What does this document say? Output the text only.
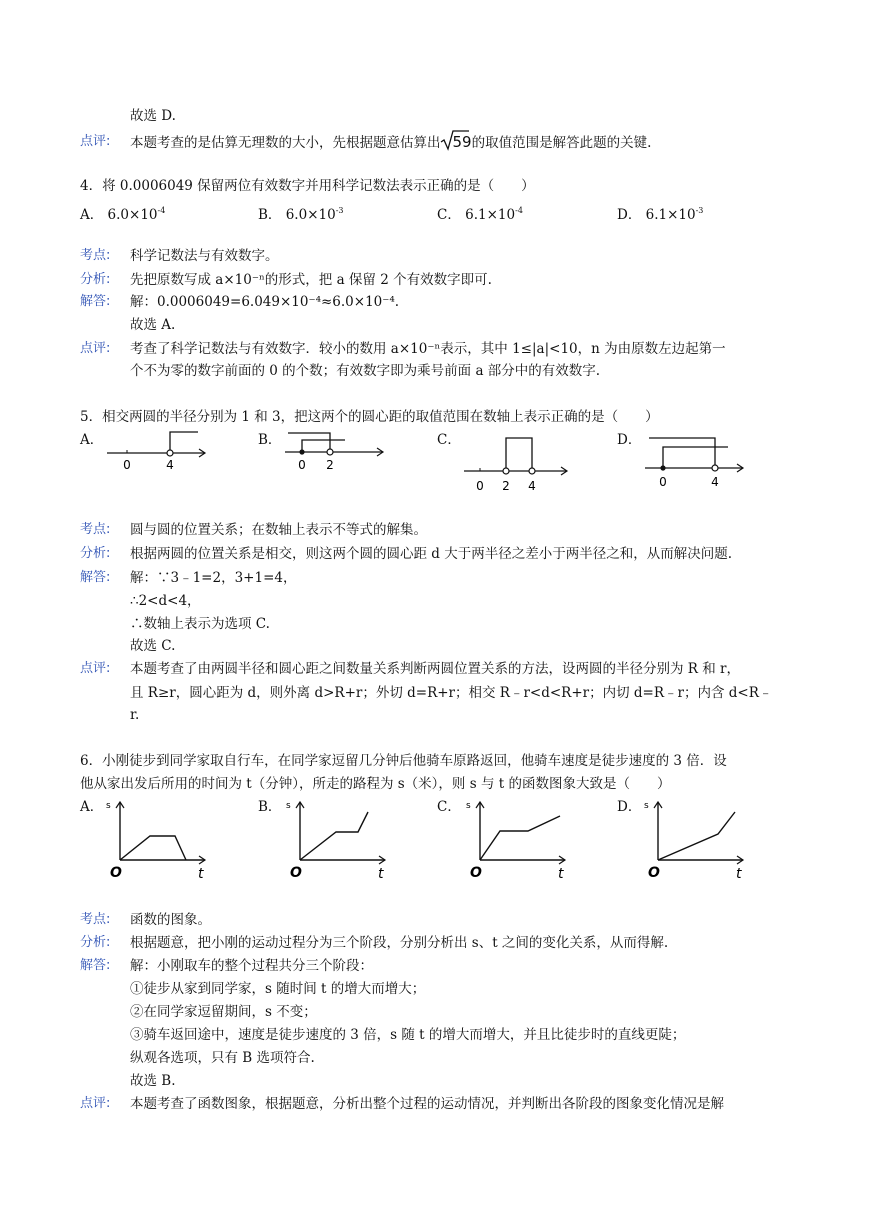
故选 D.
点评: 本题考查的是估算无理数的大小，先根据题意估算出 59的取值范围是解答此题的关键.
4．将 0.0006049 保留两位有效数字并用科学记数法表示正确的是（　　）
A． $6.0\times 10^{-4}$	B． $6.0\times 10^{-3}$	C． $6.1\times 10^{-4}$	D． $6.1\times 10^{-3}$
考点: 科学记数法与有效数字。
分析: 先把原数写成 a×10⁻ⁿ的形式，把 a 保留 2 个有效数字即可.
解答: 解：0.0006049=6.049×10⁻⁴≈6.0×10⁻⁴.
故选 A.
点评: 考查了科学记数法与有效数字．较小的数用 a×10⁻ⁿ表示，其中 1≤|a|<10，n 为由原数左边起第一
个不为零的数字前面的 0 的个数；有效数字即为乘号前面 a 部分中的有效数字.
5．相交两圆的半径分别为 1 和 3，把这两个的圆心距的取值范围在数轴上表示正确的是（　　）
A．	B．	C．	D．
0	4	0 2
0 2 4	0	4
考点: 圆与圆的位置关系；在数轴上表示不等式的解集。
分析: 根据两圆的位置关系是相交，则这两个圆的圆心距 d 大于两半径之差小于两半径之和，从而解决问题.
解答: 解：∵3﹣1=2，3+1=4，
∴2<d<4，
∴数轴上表示为选项 C.
故选 C.
点评: 本题考查了由两圆半径和圆心距之间数量关系判断两圆位置关系的方法，设两圆的半径分别为 R 和 r，
且 R≥r，圆心距为 d，则外离 d>R+r；外切 d=R+r；相交 R﹣r<d<R+r；内切 d=R﹣r；内含 d<R﹣
r.
6．小刚徒步到同学家取自行车，在同学家逗留几分钟后他骑车原路返回，他骑车速度是徒步速度的 3 倍．设
他从家出发后所用的时间为 t（分钟），所走的路程为 s（米），则 s 与 t 的函数图象大致是（　　）
A．	B．	C．	D．
s
O	t
s
O	t
s
O	t
s
O	t
考点: 函数的图象。
分析: 根据题意，把小刚的运动过程分为三个阶段，分别分析出 s、t 之间的变化关系，从而得解.
解答: 解：小刚取车的整个过程共分三个阶段：
①徒步从家到同学家，s 随时间 t 的增大而增大；
②在同学家逗留期间，s 不变；
③骑车返回途中，速度是徒步速度的 3 倍，s 随 t 的增大而增大，并且比徒步时的直线更陡；
纵观各选项，只有 B 选项符合.
故选 B.
点评: 本题考查了函数图象，根据题意，分析出整个过程的运动情况，并判断出各阶段的图象变化情况是解
